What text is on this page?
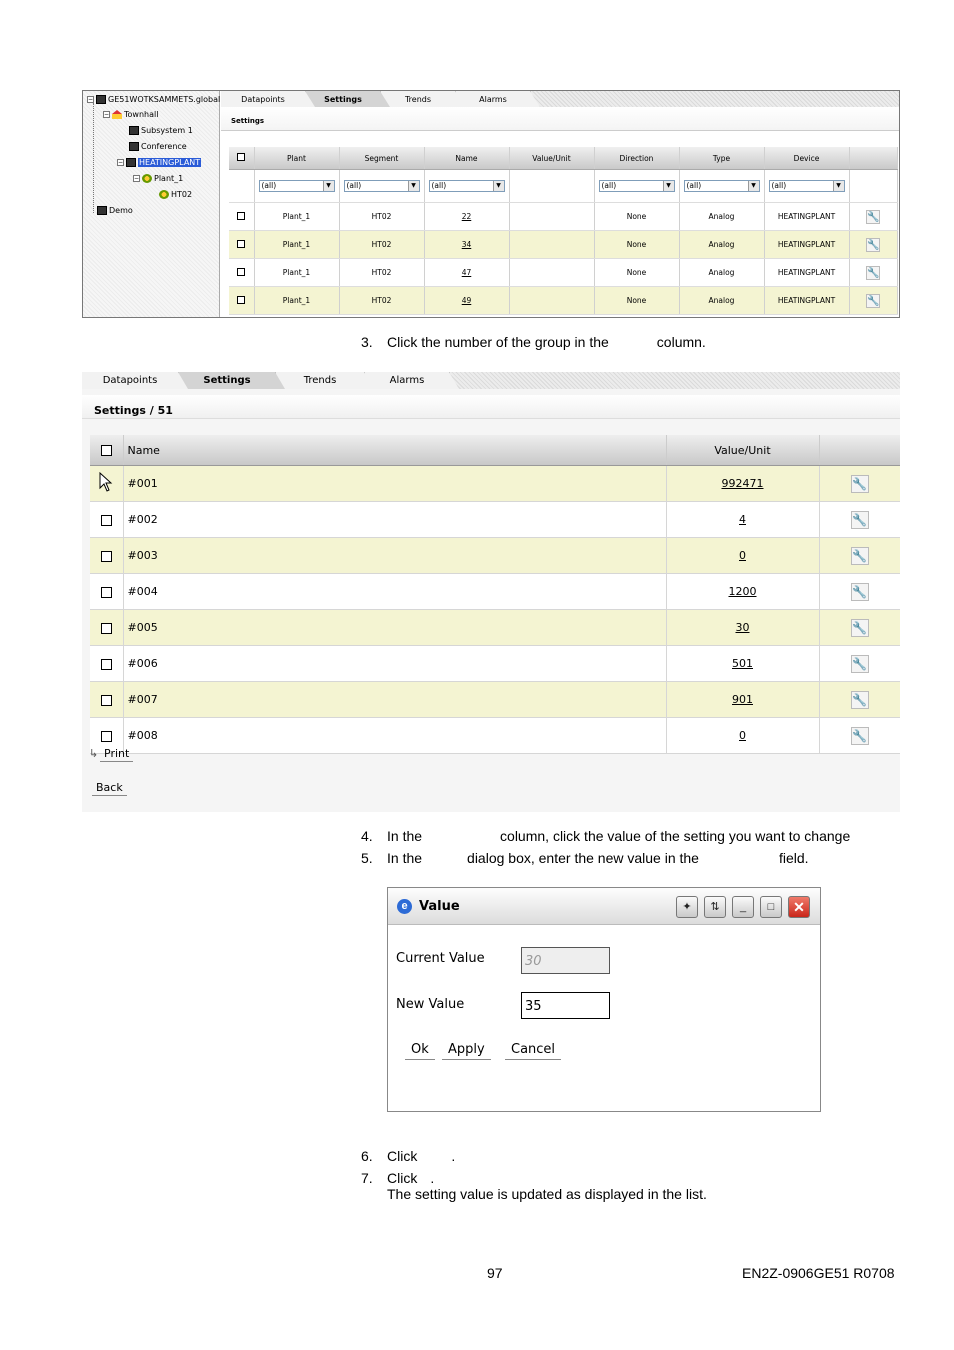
− GE51WOTKSAMMETS.global
− Townhall
Subsystem 1
Conference
− HEATINGPLANT
− Plant_1
HT02
Demo
Datapoints	Settings	Trends	Alarms
Settings
	Plant	Segment	Name	Value/Unit	Direction	Type	Device	
	(all) ▼	(all) ▼	(all) ▼		(all) ▼	(all) ▼	(all) ▼	

	Plant_1	HT02	22		None	Analog	HEATINGPLANT	🔧
	Plant_1	HT02	34		None	Analog	HEATINGPLANT	🔧
	Plant_1	HT02	47		None	Analog	HEATINGPLANT	🔧
	Plant_1	HT02	49		None	Analog	HEATINGPLANT	🔧
3. Click the number of the group in the	column.
Datapoints	Settings	Trends	Alarms
Settings / 51
	Name	Value/Unit	
	#001	992471	🔧
	#002	4	🔧
	#003	0	🔧
	#004	1200	🔧
	#005	30	🔧
	#006	501	🔧
	#007	901	🔧
	#008	0	🔧
↳ Print
Back
4. In the	column, click the value of the setting you want to change
5. In the	dialog box, enter the new value in the	field.
e Value	✦	⇅	_	□	✕
Current Value	30
New Value	35
Ok	Apply	Cancel
6. Click .
7. Click .
The setting value is updated as displayed in the list.
97	EN2Z-0906GE51 R0708
